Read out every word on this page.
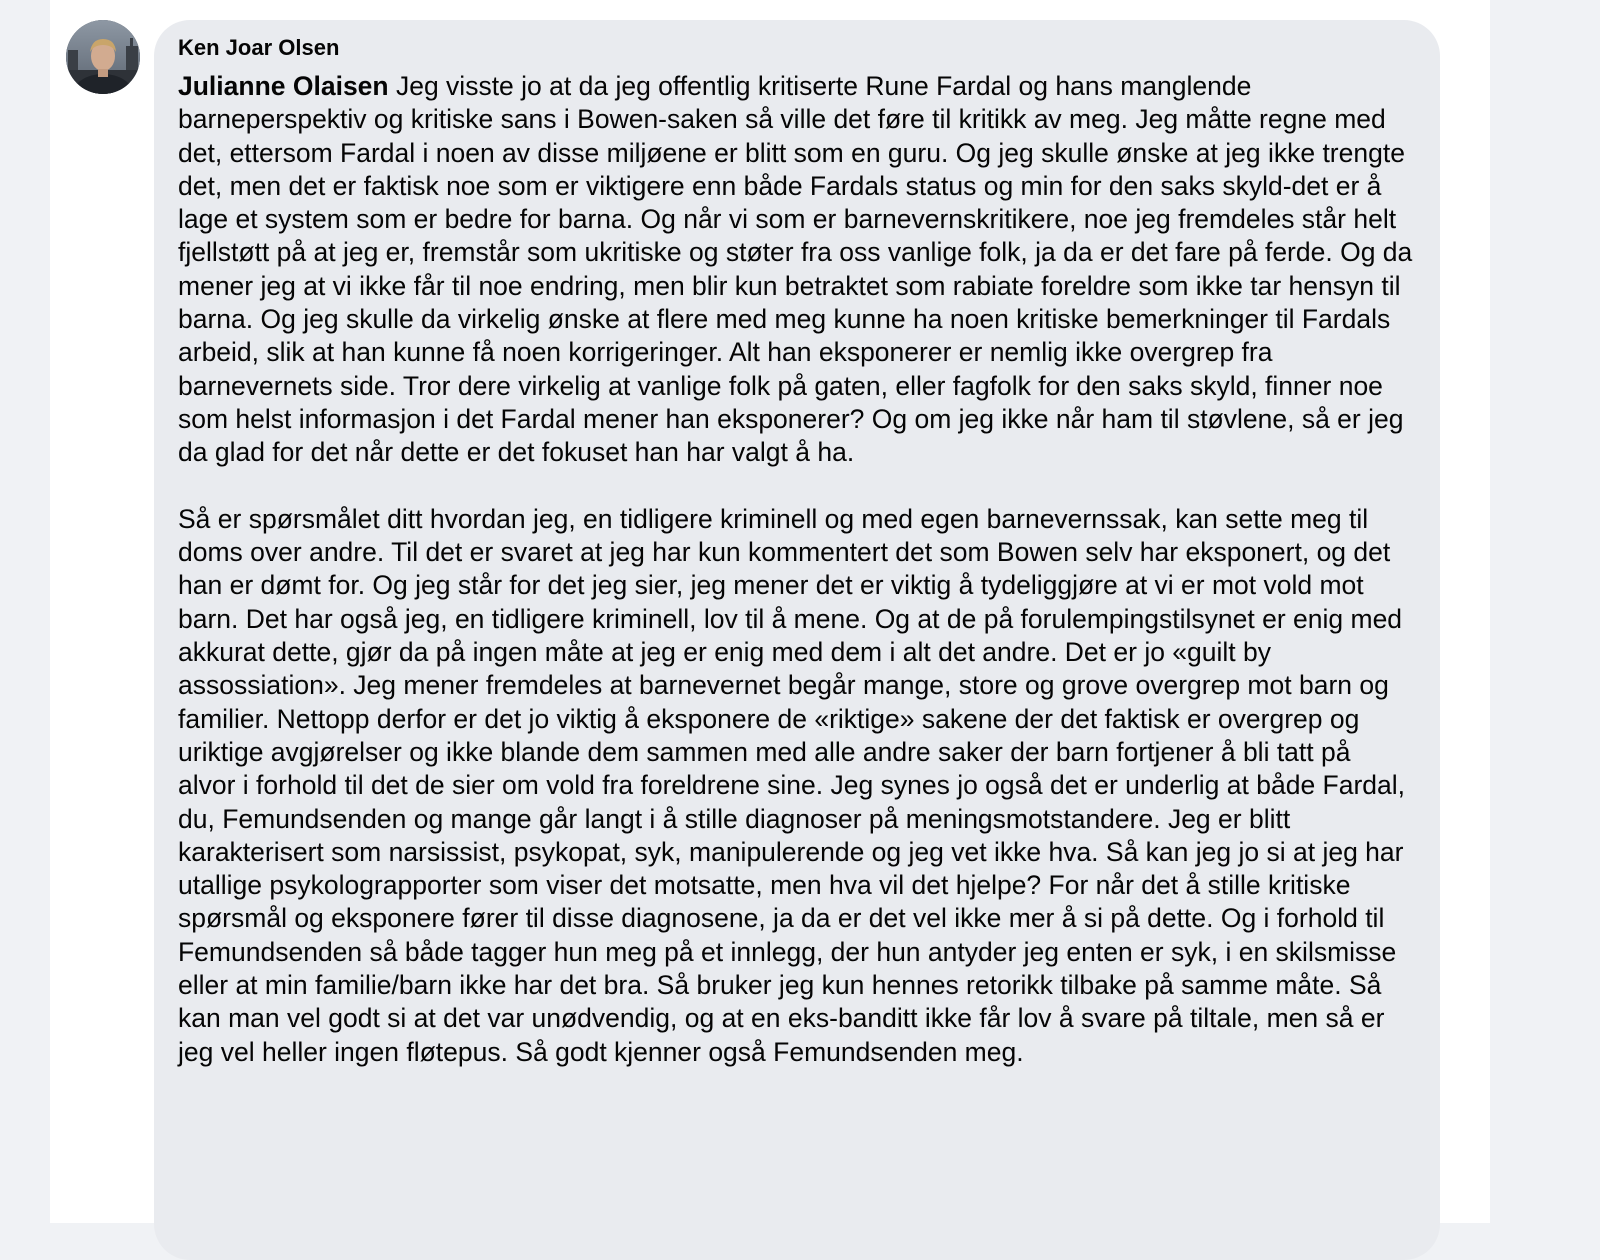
Ken Joar Olsen

Julianne Olaisen Jeg visste jo at da jeg offentlig kritiserte Rune Fardal og hans manglende barneperspektiv og kritiske sans i Bowen-saken så ville det føre til kritikk av meg. Jeg måtte regne med det, ettersom Fardal i noen av disse miljøene er blitt som en guru. Og jeg skulle ønske at jeg ikke trengte det, men det er faktisk noe som er viktigere enn både Fardals status og min for den saks skyld-det er å lage et system som er bedre for barna. Og når vi som er barnevernskritikere, noe jeg fremdeles står helt fjellstøtt på at jeg er, fremstår som ukritiske og støter fra oss vanlige folk, ja da er det fare på ferde. Og da mener jeg at vi ikke får til noe endring, men blir kun betraktet som rabiate foreldre som ikke tar hensyn til barna. Og jeg skulle da virkelig ønske at flere med meg kunne ha noen kritiske bemerkninger til Fardals arbeid, slik at han kunne få noen korrigeringer. Alt han eksponerer er nemlig ikke overgrep fra barnevernets side. Tror dere virkelig at vanlige folk på gaten, eller fagfolk for den saks skyld, finner noe som helst informasjon i det Fardal mener han eksponerer? Og om jeg ikke når ham til støvlene, så er jeg da glad for det når dette er det fokuset han har valgt å ha.

Så er spørsmålet ditt hvordan jeg, en tidligere kriminell og med egen barnevernssak, kan sette meg til doms over andre. Til det er svaret at jeg har kun kommentert det som Bowen selv har eksponert, og det han er dømt for. Og jeg står for det jeg sier, jeg mener det er viktig å tydeliggjøre at vi er mot vold mot barn. Det har også jeg, en tidligere kriminell, lov til å mene. Og at de på forulempingstilsynet er enig med akkurat dette, gjør da på ingen måte at jeg er enig med dem i alt det andre. Det er jo «guilt by assossiation». Jeg mener fremdeles at barnevernet begår mange, store og grove overgrep mot barn og familier. Nettopp derfor er det jo viktig å eksponere de «riktige» sakene der det faktisk er overgrep og uriktige avgjørelser og ikke blande dem sammen med alle andre saker der barn fortjener å bli tatt på alvor i forhold til det de sier om vold fra foreldrene sine. Jeg synes jo også det er underlig at både Fardal, du, Femundsenden og mange går langt i å stille diagnoser på meningsmotstandere. Jeg er blitt karakterisert som narsissist, psykopat, syk, manipulerende og jeg vet ikke hva. Så kan jeg jo si at jeg har utallige psykolograpporter som viser det motsatte, men hva vil det hjelpe? For når det å stille kritiske spørsmål og eksponere fører til disse diagnosene, ja da er det vel ikke mer å si på dette. Og i forhold til Femundsenden så både tagger hun meg på et innlegg, der hun antyder jeg enten er syk, i en skilsmisse eller at min familie/barn ikke har det bra. Så bruker jeg kun hennes retorikk tilbake på samme måte. Så kan man vel godt si at det var unødvendig, og at en eks-banditt ikke får lov å svare på tiltale, men så er jeg vel heller ingen fløtepus. Så godt kjenner også Femundsenden meg.
